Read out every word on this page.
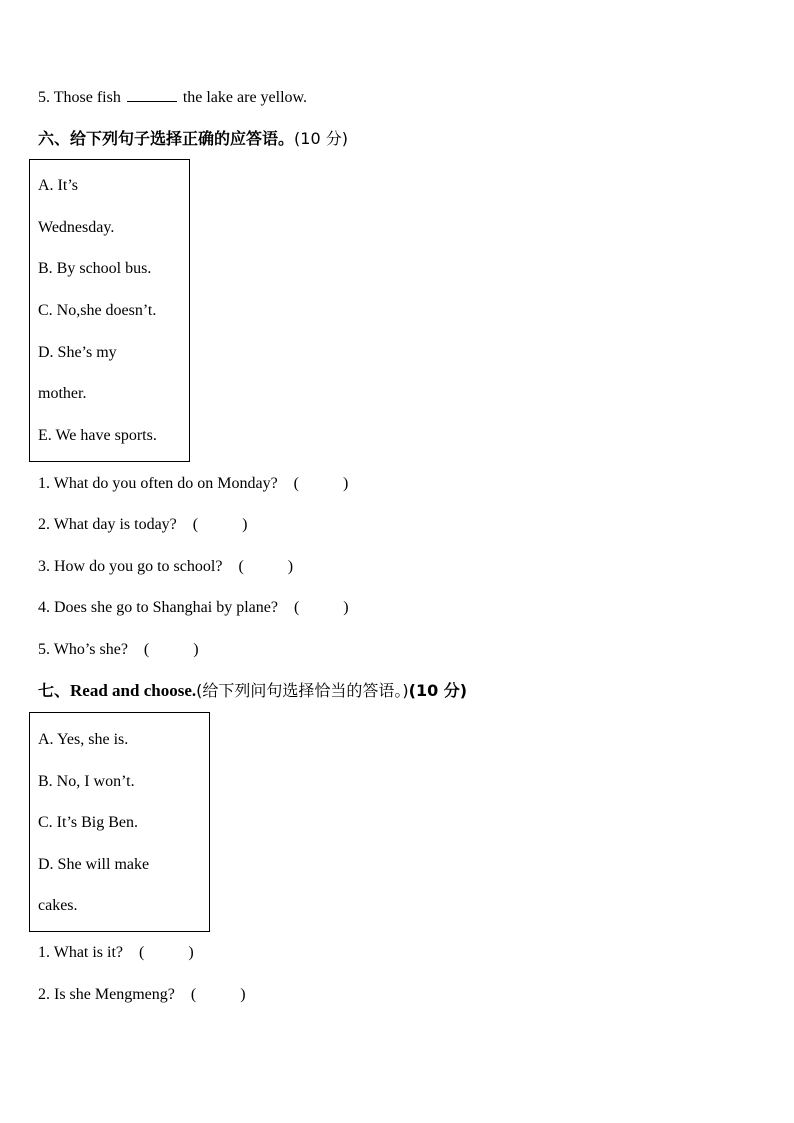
5. Those fish	the lake are yellow.
六、给下列句子选择正确的应答语。(10 分)
A. It’s
Wednesday.
B. By school bus.
C. No,she doesn’t.
D. She’s my
mother.
E. We have sports.
1. What do you often do on Monday? (	)
2. What day is today? (	)
3. How do you go to school? (	)
4. Does she go to Shanghai by plane? (	)
5. Who’s she? (	)
七、Read and choose.(给下列问句选择恰当的答语。)(10 分)
A. Yes, she is.
B. No, I won’t.
C. It’s Big Ben.
D. She will make
cakes.
1. What is it? (	)
2. Is she Mengmeng? (	)
